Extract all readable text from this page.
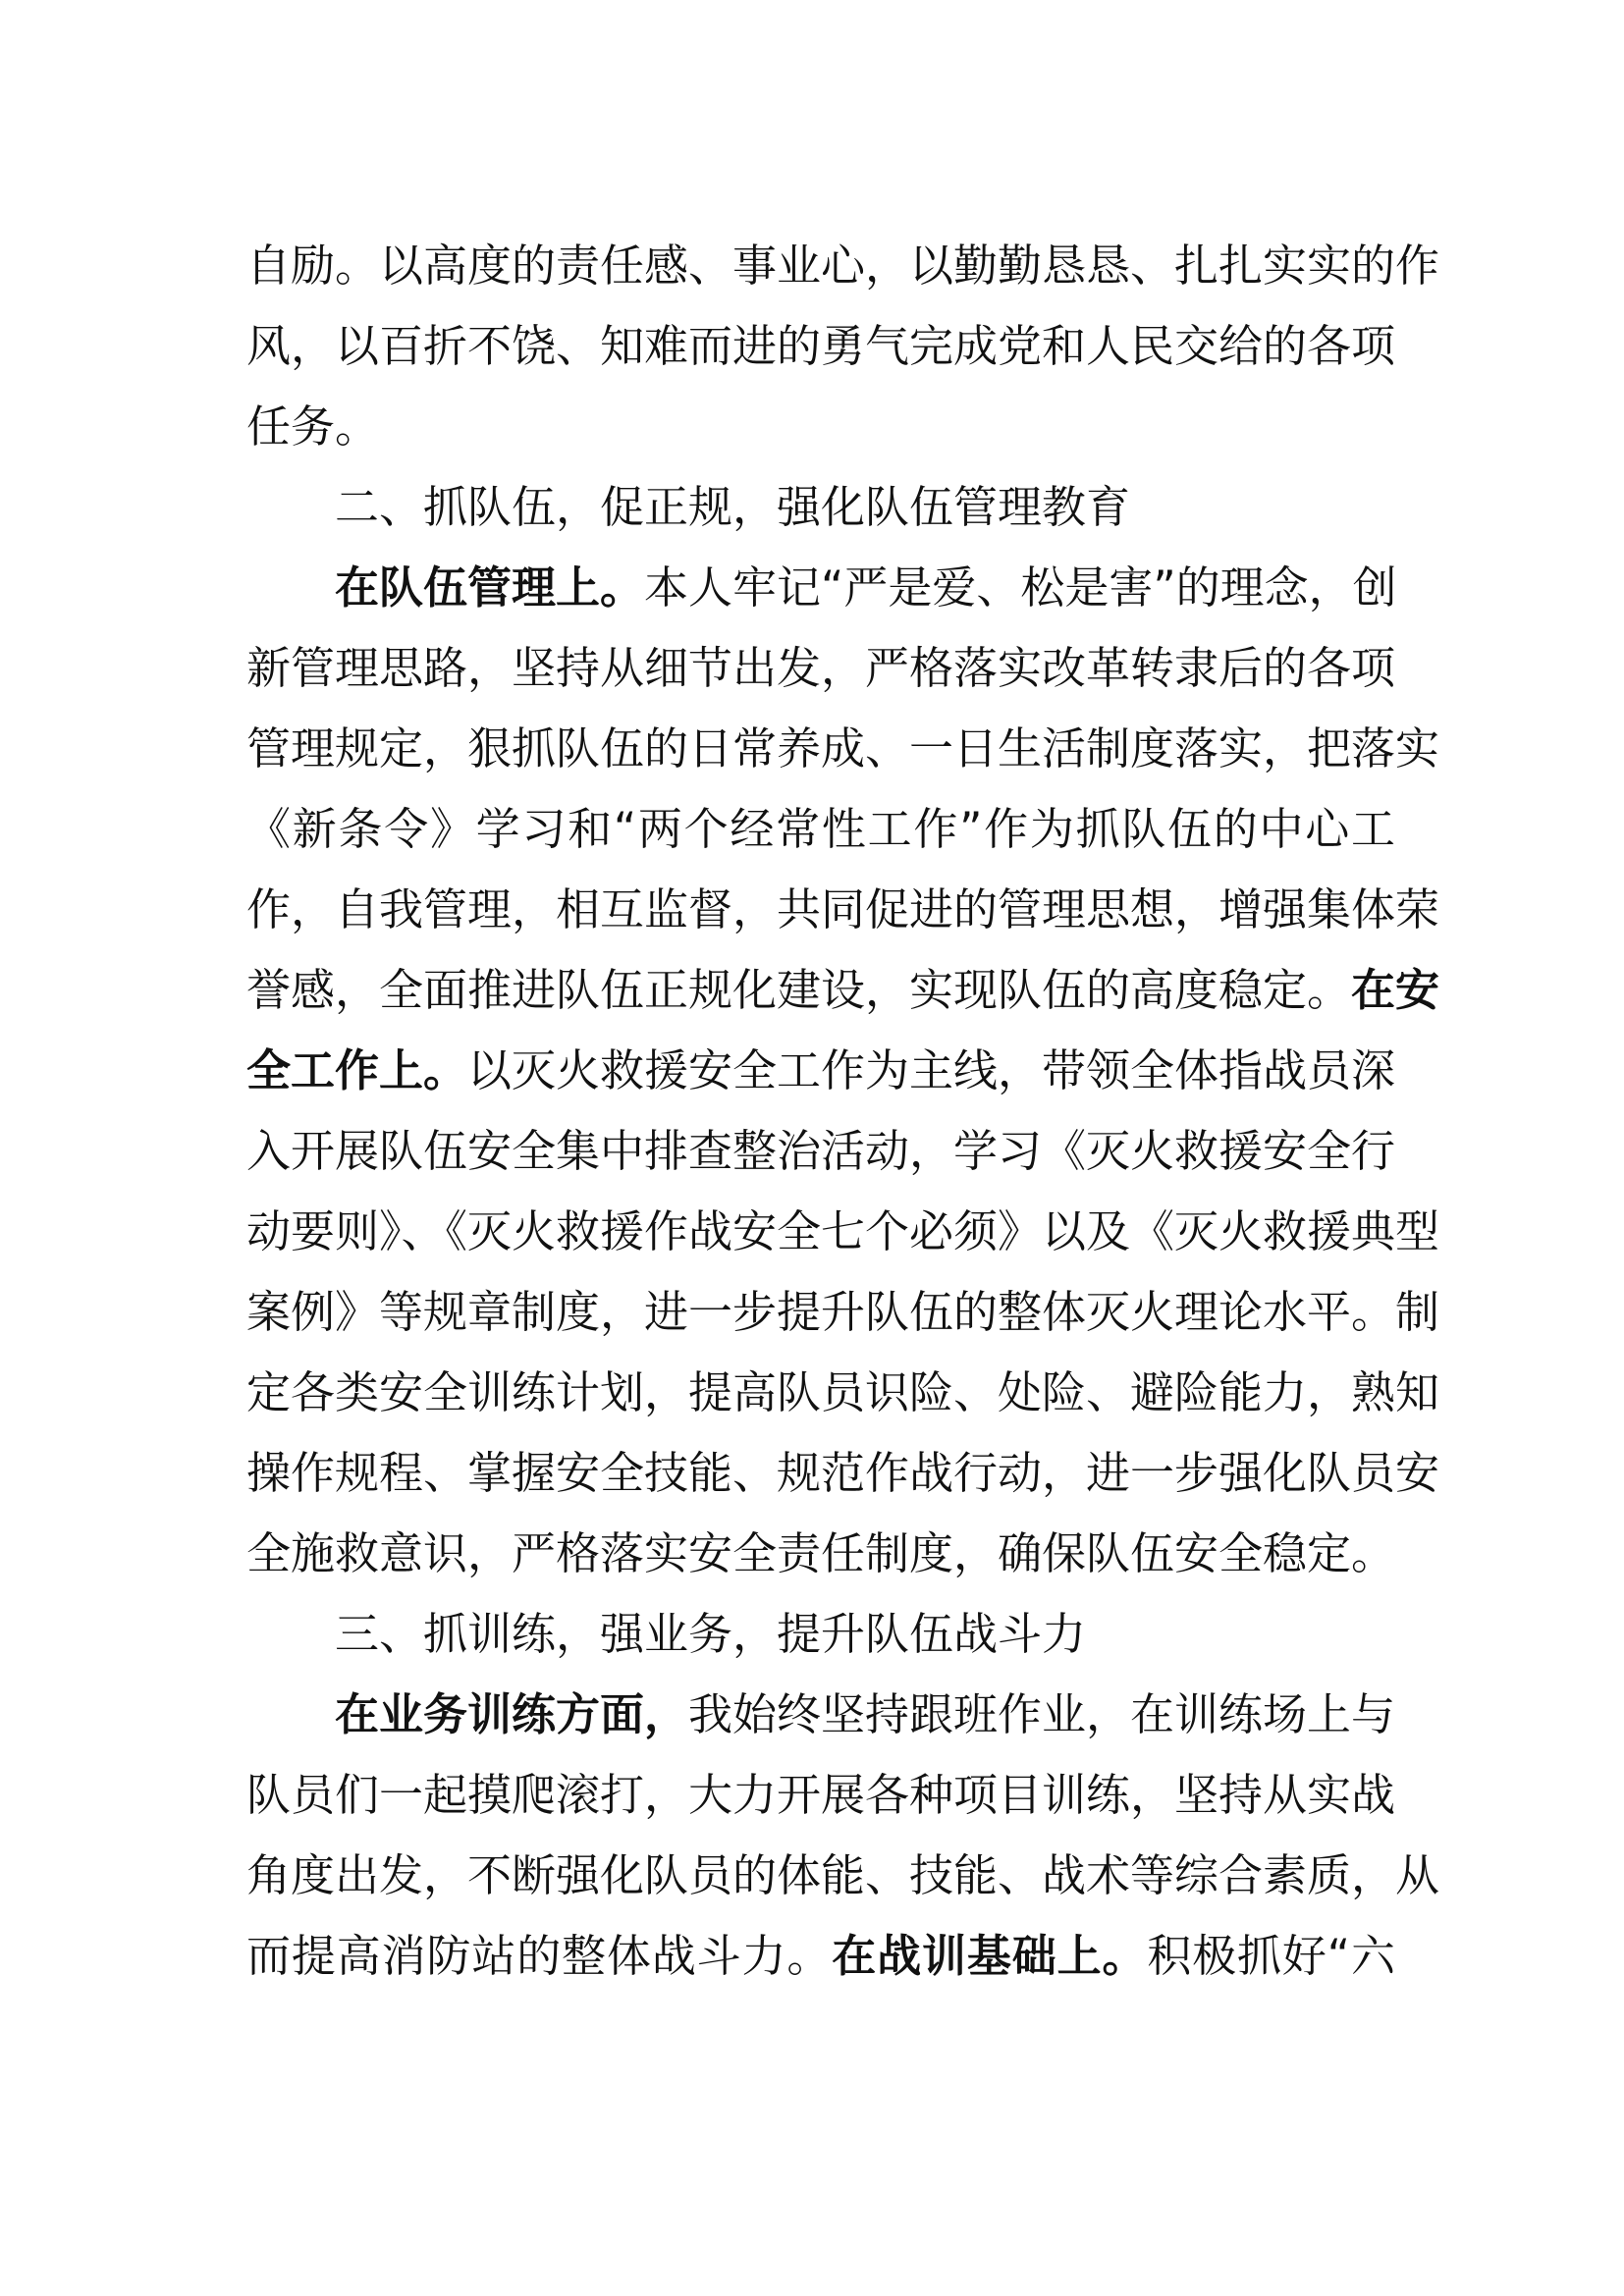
自励。以高度的责任感、事业心，以勤勤恳恳、扎扎实实的作
风，以百折不饶、知难而进的勇气完成党和人民交给的各项
任务。
二、抓队伍，促正规，强化队伍管理教育
在队伍管理上。本人牢记“严是爱、松是害”的理念，创
新管理思路，坚持从细节出发，严格落实改革转隶后的各项
管理规定，狠抓队伍的日常养成、一日生活制度落实，把落实
《新条令》学习和“两个经常性工作”作为抓队伍的中心工
作，自我管理，相互监督，共同促进的管理思想，增强集体荣
誉感，全面推进队伍正规化建设，实现队伍的高度稳定。在安
全工作上。以灭火救援安全工作为主线，带领全体指战员深
入开展队伍安全集中排查整治活动，学习《灭火救援安全行
动要则》、《灭火救援作战安全七个必须》以及《灭火救援典型
案例》等规章制度，进一步提升队伍的整体灭火理论水平。制
定各类安全训练计划，提高队员识险、处险、避险能力，熟知
操作规程、掌握安全技能、规范作战行动，进一步强化队员安
全施救意识，严格落实安全责任制度，确保队伍安全稳定。
三、抓训练，强业务，提升队伍战斗力
在业务训练方面，我始终坚持跟班作业，在训练场上与
队员们一起摸爬滚打，大力开展各种项目训练，坚持从实战
角度出发，不断强化队员的体能、技能、战术等综合素质，从
而提高消防站的整体战斗力。在战训基础上。积极抓好“六
